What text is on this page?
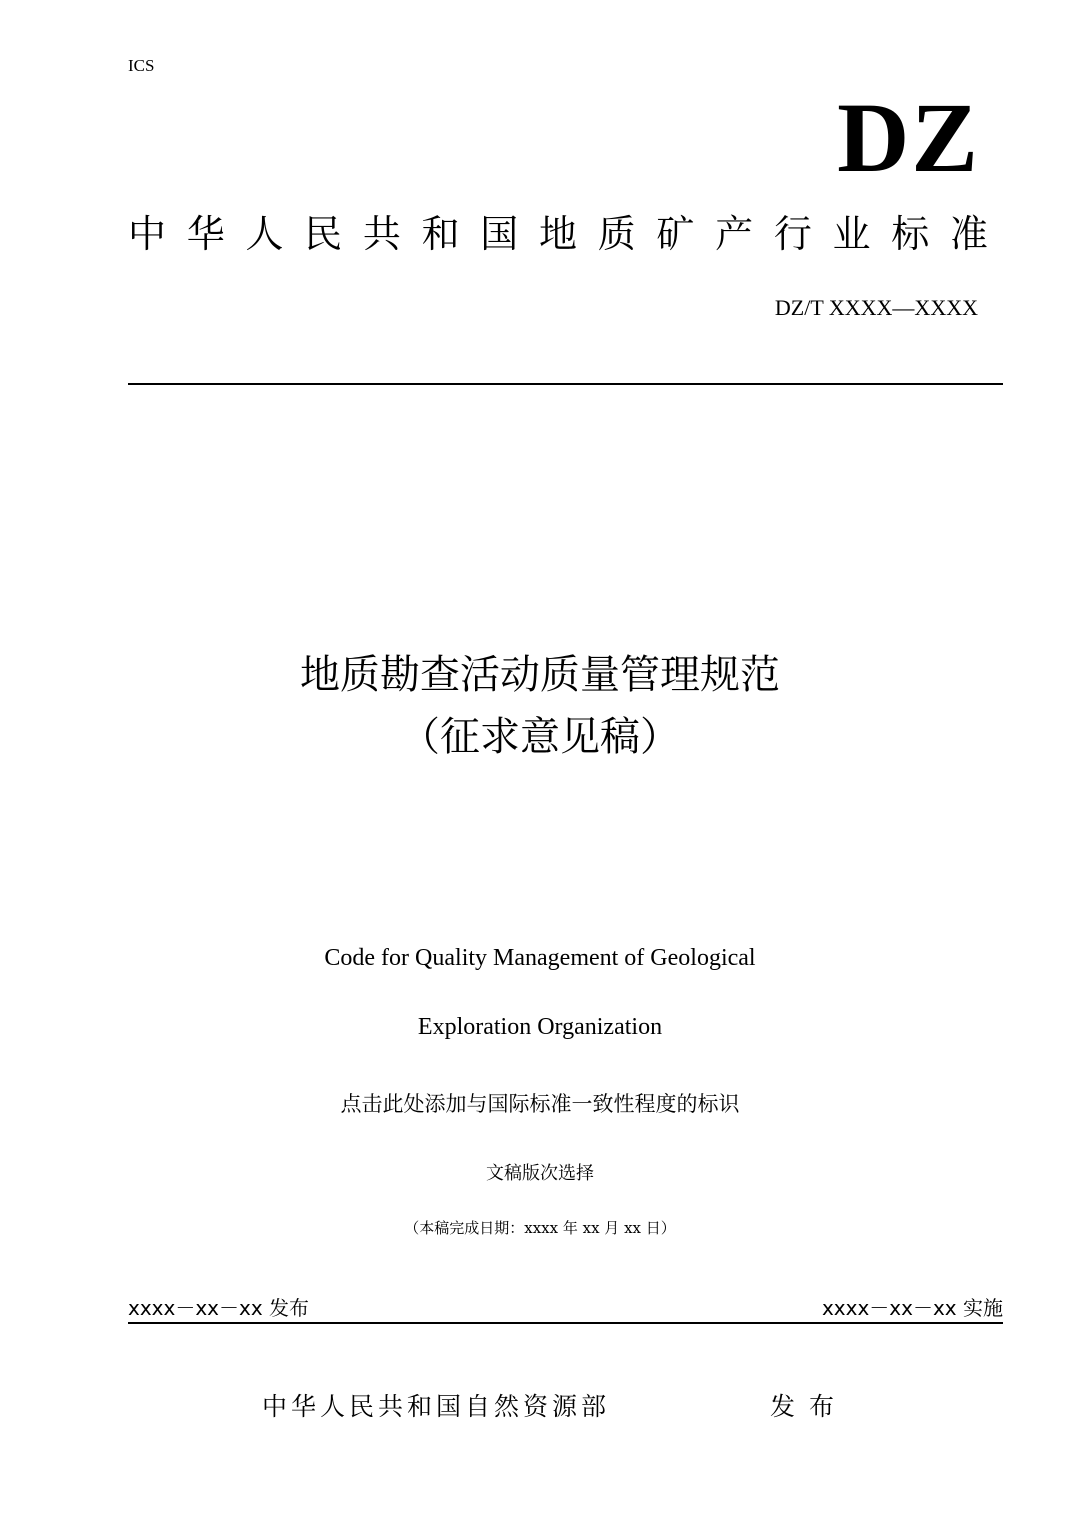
ICS
DZ
中华人民共和国地质矿产行业标准
DZ/T XXXX—XXXX
地质勘查活动质量管理规范
（征求意见稿）
Code for Quality Management of Geological
Exploration Organization
点击此处添加与国际标准一致性程度的标识
文稿版次选择
（本稿完成日期：xxxx 年 xx 月 xx 日）
xxxx－xx－xx 发布	xxxx－xx－xx 实施
中华人民共和国自然资源部	发布
